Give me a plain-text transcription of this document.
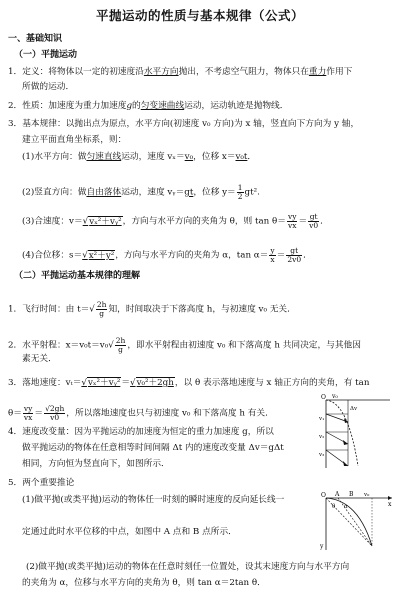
平抛运动的性质与基本规律（公式）
一、基础知识
（一）平抛运动
1．定义：将物体以一定的初速度沿水平方向抛出，不考虑空气阻力，物体只在重力作用下
所做的运动．
2．性质：加速度为重力加速度g的匀变速曲线运动，运动轨迹是抛物线．
3．基本规律：以抛出点为原点，水平方向(初速度 v₀ 方向)为 x 轴，竖直向下方向为 y 轴，
建立平面直角坐标系，则：
(1)水平方向：做匀速直线运动，速度 vₓ＝v₀，位移 x＝v₀t．
(2)竖直方向：做自由落体运动，速度 vᵧ＝gt，位移 $y= \frac{1}{2} gt^2$.
(3)合速度：v＝√vₓ²＋vᵧ²，方向与水平方向的夹角为 θ，则 $\tan \theta= \frac{vy}{vx} = \frac{gt}{v0}$ ．
(4)合位移：s＝√x²＋y²，方向与水平方向的夹角为 α，$\tan \alpha= \frac{y}{x} = \frac{gt}{2v0}$ ．
（二）平抛运动基本规律的理解
1．飞行时间：由 $t=√ \frac{2h}{g}$ 知，时间取决于下落高度 h，与初速度 v₀ 无关．
2．水平射程：$x=v_0t=v_0√ \frac{2h}{g}$ ，即水平射程由初速度 v₀ 和下落高度 h 共同决定，与其他因
素无关．
3．落地速度：vₜ＝√vₓ²＋vᵧ²＝√v₀²＋2gh，以 θ 表示落地速度与 x 轴正方向的夹角，有 tan
$\theta= \frac{vy}{vx} = \frac{√2gh}{v0}$ ，所以落地速度也只与初速度 v₀ 和下落高度 h 有关．
4．速度改变量：因为平抛运动的加速度为恒定的重力加速度 g，所以
做平抛运动的物体在任意相等时间间隔 Δt 内的速度改变量 Δv＝gΔt
相同，方向恒为竖直向下，如图所示．
5．两个重要推论
(1)做平抛(或类平抛)运动的物体任一时刻的瞬时速度的反向延长线一
定通过此时水平位移的中点，如图中 A 点和 B 点所示．
(2)做平抛(或类平抛)运动的物体在任意时刻任一位置处，设其末速度方向与水平方向
的夹角为 α，位移与水平方向的夹角为 θ，则 tan α＝2tan θ．
O v₀
Δv
v₁
v₂
v₃
O A B
x
y
v₀
θ α
